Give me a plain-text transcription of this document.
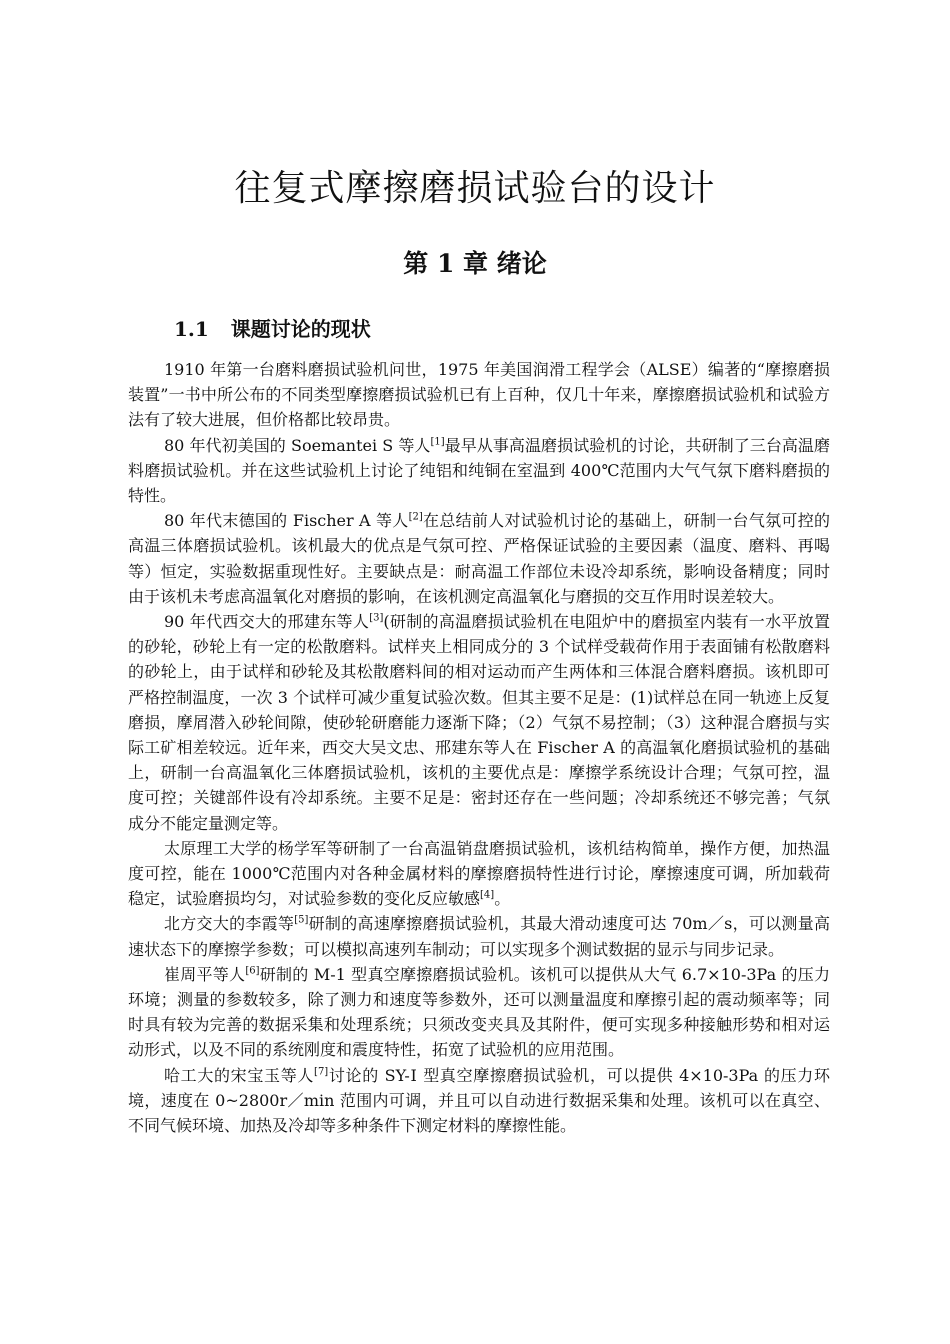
往复式摩擦磨损试验台的设计
第 1 章 绪论
1.1 课题讨论的现状

1910 年第一台磨料磨损试验机问世，1975 年美国润滑工程学会（ALSE）编著的“摩擦磨损装置”一书中所公布的不同类型摩擦磨损试验机已有上百种，仅几十年来，摩擦磨损试验机和试验方法有了较大进展，但价格都比较昂贵。

80 年代初美国的 Soemantei S 等人[1]最早从事高温磨损试验机的讨论，共研制了三台高温磨料磨损试验机。并在这些试验机上讨论了纯铝和纯铜在室温到 400℃范围内大气气氛下磨料磨损的特性。

80 年代末德国的 Fischer A 等人[2]在总结前人对试验机讨论的基础上，研制一台气氛可控的高温三体磨损试验机。该机最大的优点是气氛可控、严格保证试验的主要因素（温度、磨料、再喝等）恒定，实验数据重现性好。主要缺点是：耐高温工作部位未设冷却系统，影响设备精度；同时由于该机未考虑高温氧化对磨损的影响，在该机测定高温氧化与磨损的交互作用时误差较大。

90 年代西交大的邢建东等人[3](研制的高温磨损试验机在电阻炉中的磨损室内装有一水平放置的砂轮，砂轮上有一定的松散磨料。试样夹上相同成分的 3 个试样受载荷作用于表面铺有松散磨料的砂轮上，由于试样和砂轮及其松散磨料间的相对运动而产生两体和三体混合磨料磨损。该机即可严格控制温度，一次 3 个试样可减少重复试验次数。但其主要不足是：(1)试样总在同一轨迹上反复磨损，摩屑潜入砂轮间隙，使砂轮研磨能力逐渐下降；（2）气氛不易控制；（3）这种混合磨损与实际工矿相差较远。近年来，西交大吴文忠、邢建东等人在 Fischer A 的高温氧化磨损试验机的基础上，研制一台高温氧化三体磨损试验机，该机的主要优点是：摩擦学系统设计合理；气氛可控，温度可控；关键部件设有冷却系统。主要不足是：密封还存在一些问题；冷却系统还不够完善；气氛成分不能定量测定等。

太原理工大学的杨学军等研制了一台高温销盘磨损试验机，该机结构简单，操作方便，加热温度可控，能在 1000℃范围内对各种金属材料的摩擦磨损特性进行讨论，摩擦速度可调，所加载荷稳定，试验磨损均匀，对试验参数的变化反应敏感[4]。

北方交大的李霞等[5]研制的高速摩擦磨损试验机，其最大滑动速度可达 70m／s，可以测量高速状态下的摩擦学参数；可以模拟高速列车制动；可以实现多个测试数据的显示与同步记录。

崔周平等人[6]研制的 M-1 型真空摩擦磨损试验机。该机可以提供从大气 6.7×10-3Pa 的压力环境；测量的参数较多，除了测力和速度等参数外，还可以测量温度和摩擦引起的震动频率等；同时具有较为完善的数据采集和处理系统；只须改变夹具及其附件，便可实现多种接触形势和相对运动形式，以及不同的系统刚度和震度特性，拓宽了试验机的应用范围。

哈工大的宋宝玉等人[7]讨论的 SY-Ⅰ 型真空摩擦磨损试验机，可以提供 4×10-3Pa 的压力环境，速度在 0~2800r／min 范围内可调，并且可以自动进行数据采集和处理。该机可以在真空、不同气候环境、加热及冷却等多种条件下测定材料的摩擦性能。
